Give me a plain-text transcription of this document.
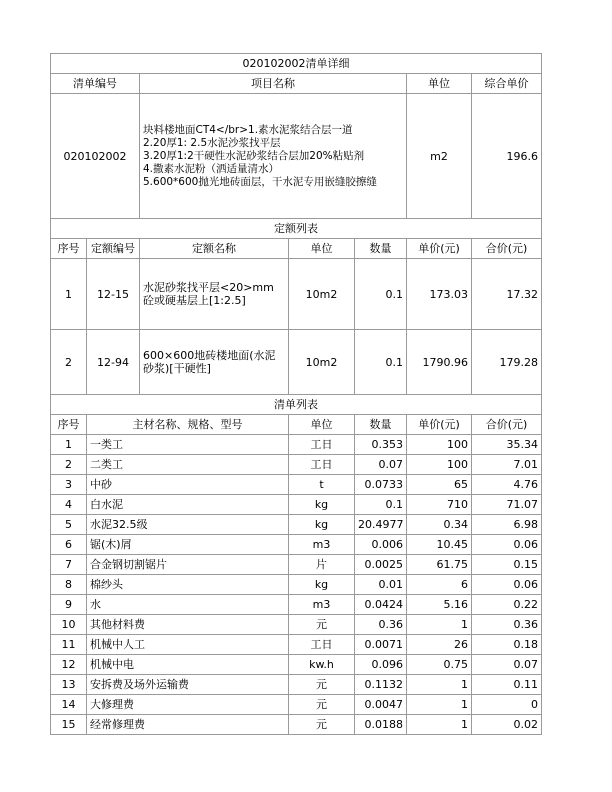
020102002清单详细						
清单编号		项目名称			单位	综合单价
020102002		块料楼地面CT4</br>1.素水泥浆结合层一道
2.20厚1: 2.5水泥沙浆找平层
3.20厚1:2干硬性水泥砂浆结合层加20%粘贴剂
4.撒素水泥粉（洒适量清水）
5.600*600抛光地砖面层，干水泥专用嵌缝胶擦缝			m2	196.6
定额列表						
序号	定额编号	定额名称	单位	数量	单价(元)	合价(元)
1	12-15	水泥砂浆找平层<20>mm 砼或硬基层上[1:2.5]	10m2	0.1	173.03	17.32
2	12-94	600×600地砖楼地面(水泥砂浆)[干硬性]	10m2	0.1	1790.96	179.28
清单列表						
序号	主材名称、规格、型号		单位	数量	单价(元)	合价(元)
1	一类工		工日	0.353	100	35.34
2	二类工		工日	0.07	100	7.01
3	中砂		t	0.0733	65	4.76
4	白水泥		kg	0.1	710	71.07
5	水泥32.5级		kg	20.4977	0.34	6.98
6	锯(木)屑		m3	0.006	10.45	0.06
7	合金钢切割锯片		片	0.0025	61.75	0.15
8	棉纱头		kg	0.01	6	0.06
9	水		m3	0.0424	5.16	0.22
10	其他材料费		元	0.36	1	0.36
11	机械中人工		工日	0.0071	26	0.18
12	机械中电		kw.h	0.096	0.75	0.07
13	安拆费及场外运输费		元	0.1132	1	0.11
14	大修理费		元	0.0047	1	0
15	经常修理费		元	0.0188	1	0.02
